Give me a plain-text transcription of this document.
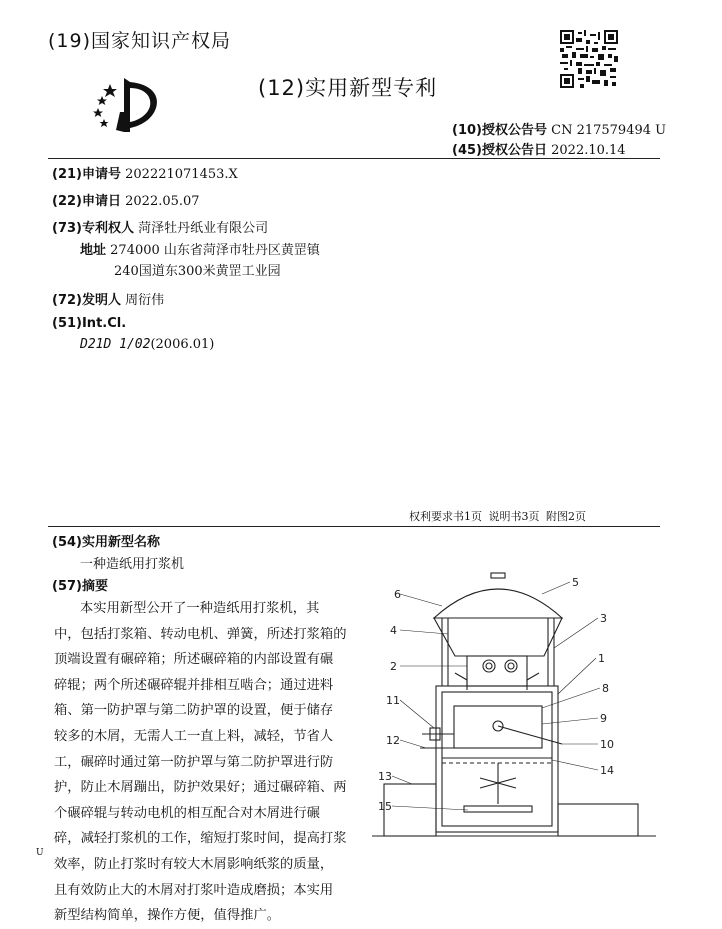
(19)国家知识产权局
(12)实用新型专利
(10)授权公告号 CN 217579494 U
(45)授权公告日 2022.10.14
(21)申请号 202221071453.X
(22)申请日 2022.05.07
(73)专利权人 菏泽牡丹纸业有限公司
地址 274000 山东省菏泽市牡丹区黄罡镇
240国道东300米黄罡工业园
(72)发明人 周衍伟
(51)Int.Cl.
D21D 1/02(2006.01)
权利要求书1页 说明书3页 附图2页
(54)实用新型名称
一种造纸用打浆机
(57)摘要
本实用新型公开了一种造纸用打浆机，其
中，包括打浆箱、转动电机、弹簧，所述打浆箱的
顶端设置有碾碎箱；所述碾碎箱的内部设置有碾
碎辊；两个所述碾碎辊并排相互啮合；通过进料
箱、第一防护罩与第二防护罩的设置，便于储存
较多的木屑，无需人工一直上料，减轻，节省人
工，碾碎时通过第一防护罩与第二防护罩进行防
护，防止木屑蹦出，防护效果好；通过碾碎箱、两
个碾碎辊与转动电机的相互配合对木屑进行碾
碎，减轻打浆机的工作，缩短打浆时间，提高打浆
效率，防止打浆时有较大木屑影响纸浆的质量，
且有效防止大的木屑对打浆叶造成磨损；本实用
新型结构简单，操作方便，值得推广。
U
6
5
3
4
2
1
8
9
11
12	10
14
13
15
